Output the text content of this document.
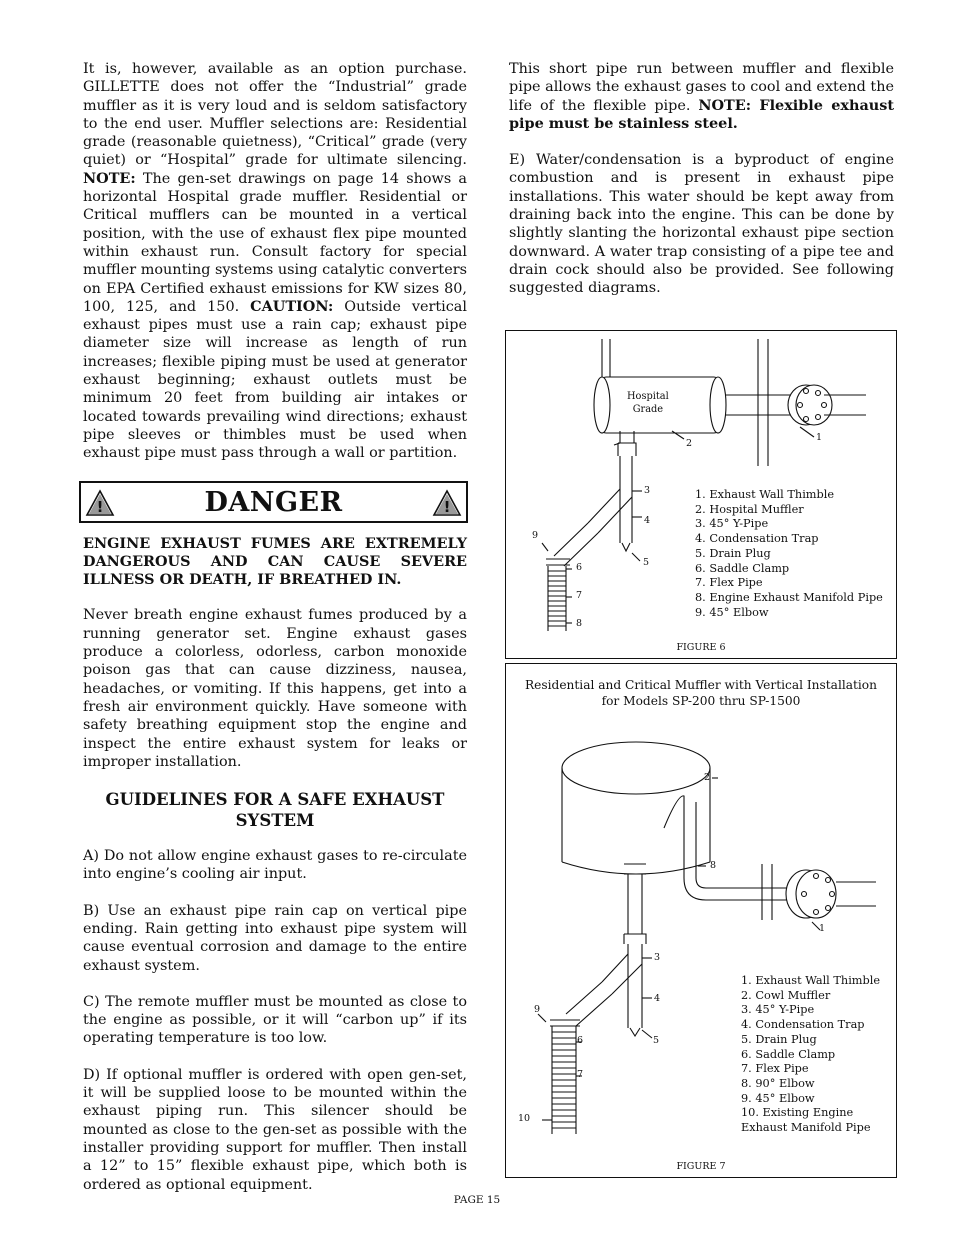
It is, however, available as an option purchase. GILLETTE does not offer the “Industrial” grade muffler as it is very loud and is seldom satisfactory to the end user. Muffler selections are: Residential grade (reasonable quietness), “Critical” grade (very quiet) or “Hospital” grade for ultimate silencing. NOTE: The gen-set drawings on page 14 shows a horizontal Hospital grade muffler. Residential or Critical mufflers can be mounted in a vertical position, with the use of exhaust flex pipe mounted within exhaust run. Consult factory for special muffler mounting systems using catalytic converters on EPA Certified exhaust emissions for KW sizes 80, 100, 125, and 150. CAUTION: Outside vertical exhaust pipes must use a rain cap; exhaust pipe diameter size will increase as length of run increases; flexible piping must be used at generator exhaust beginning; exhaust outlets must be minimum 20 feet from building air intakes or located towards prevailing wind directions; exhaust pipe sleeves or thimbles must be used when exhaust pipe must pass through a wall or partition.

!	DANGER	!

ENGINE EXHAUST FUMES ARE EXTREMELY DANGEROUS AND CAN CAUSE SEVERE ILLNESS OR DEATH, IF BREATHED IN.

Never breath engine exhaust fumes produced by a running generator set. Engine exhaust gases produce a colorless, odorless, carbon monoxide poison gas that can cause dizziness, nausea, headaches, or vomiting. If this happens, get into a fresh air environment quickly. Have someone with safety breathing equipment stop the engine and inspect the entire exhaust system for leaks or improper installation.

GUIDELINES FOR A SAFE EXHAUST SYSTEM

A) Do not allow engine exhaust gases to re-circulate into engine’s cooling air input.

B) Use an exhaust pipe rain cap on vertical pipe ending. Rain getting into exhaust pipe system will cause eventual corrosion and damage to the entire exhaust system.

C) The remote muffler must be mounted as close to the engine as possible, or it will “carbon up” if its operating temperature is too low.

D) If optional muffler is ordered with open gen-set, it will be supplied loose to be mounted within the exhaust piping run. This silencer should be mounted as close to the gen-set as possible with the installer providing support for muffler. Then install a 12” to 15” flexible exhaust pipe, which both is ordered as optional equipment.

This short pipe run between muffler and flexible pipe allows the exhaust gases to cool and extend the life of the flexible pipe. NOTE: Flexible exhaust pipe must be stainless steel.

E) Water/condensation is a byproduct of engine combustion and is present in exhaust pipe installations. This water should be kept away from draining back into the engine. This can be done by slightly slanting the horizontal exhaust pipe section downward. A water trap consisting of a pipe tee and drain cock should also be provided. See following suggested diagrams.

Hospital
Grade
2
1
3
4
5
6
7
8
9
1. Exhaust Wall Thimble
2. Hospital Muffler
3. 45° Y-Pipe
4. Condensation Trap
5. Drain Plug
6. Saddle Clamp
7. Flex Pipe
8. Engine Exhaust Manifold Pipe
9. 45° Elbow
FIGURE 6
Residential and Critical Muffler with Vertical Installation
for Models SP-200 thru SP-1500
2
8
1
3
4
5
6
7
9
10
1. Exhaust Wall Thimble
2. Cowl Muffler
3. 45° Y-Pipe
4. Condensation Trap
5. Drain Plug
6. Saddle Clamp
7. Flex Pipe
8. 90° Elbow
9. 45° Elbow
10. Existing Engine
Exhaust Manifold Pipe
FIGURE 7
PAGE 15
